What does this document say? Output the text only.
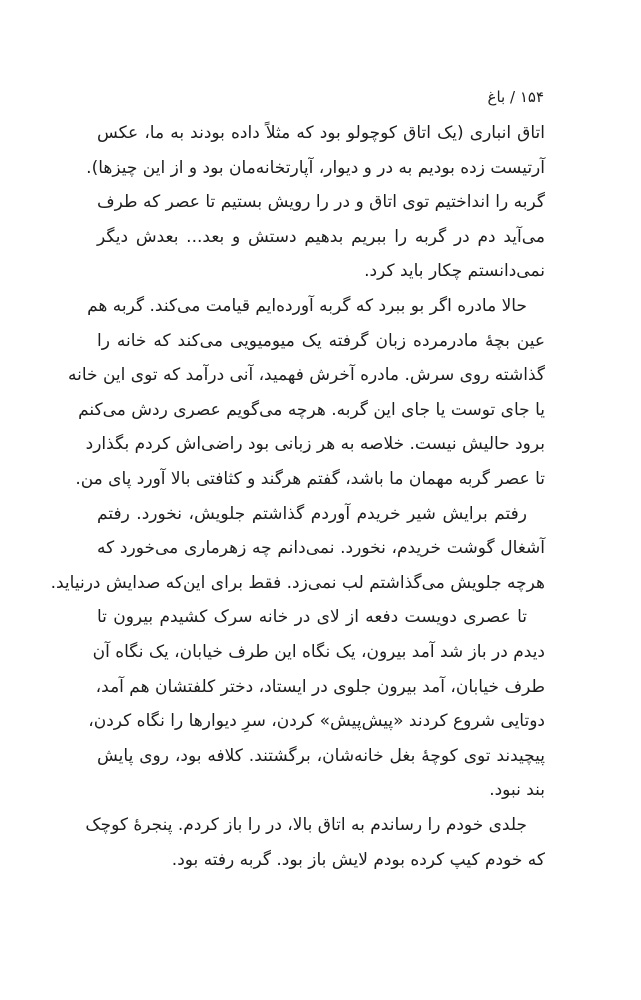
۱۵۴ / باغ
اتاق انباری (یک اتاق کوچولو بود که مثلاً داده بودند به ما، عکس
آرتیست زده بودیم به در و دیوار، آپارتخانه‌مان بود و از این چیزها).
گربه را انداختیم توی اتاق و در را رویش بستیم تا عصر که طرف
می‌آید دم در گربه را ببریم بدهیم دستش و بعد... بعدش دیگر
نمی‌دانستم چکار باید کرد.
حالا مادره اگر بو ببرد که گربه آورده‌ایم قیامت می‌کند. گربه هم
عین بچهٔ مادرمرده زبان گرفته یک میومیویی می‌کند که خانه را
گذاشته روی سرش. مادره آخرش فهمید، آنی درآمد که توی این خانه
یا جای توست یا جای این گربه. هرچه می‌گویم عصری ردش می‌کنم
برود حالیش نیست. خلاصه به هر زبانی بود راضی‌اش کردم بگذارد
تا عصر گربه مهمان ما باشد، گفتم هرگند و کثافتی بالا آورد پای من.
رفتم برایش شیر خریدم آوردم گذاشتم جلویش، نخورد. رفتم
آشغال گوشت خریدم، نخورد. نمی‌دانم چه زهرماری می‌خورد که
هرچه جلویش می‌گذاشتم لب نمی‌زد. فقط برای این‌که صدایش درنیاید.
تا عصری دویست دفعه از لای در خانه سرک کشیدم بیرون تا
دیدم در باز شد آمد بیرون، یک نگاه این طرف خیابان، یک نگاه آن
طرف خیابان، آمد بیرون جلوی در ایستاد، دختر کلفتشان هم آمد،
دوتایی شروع کردند «پیش‌پیش» کردن، سرِ دیوارها را نگاه کردن،
پیچیدند توی کوچهٔ بغل خانه‌شان، برگشتند. کلافه بود، روی پایش
بند نبود.
جلدی خودم را رساندم به اتاق بالا، در را باز کردم. پنجرهٔ کوچک
که خودم کیپ کرده بودم لایش باز بود. گربه رفته بود.
